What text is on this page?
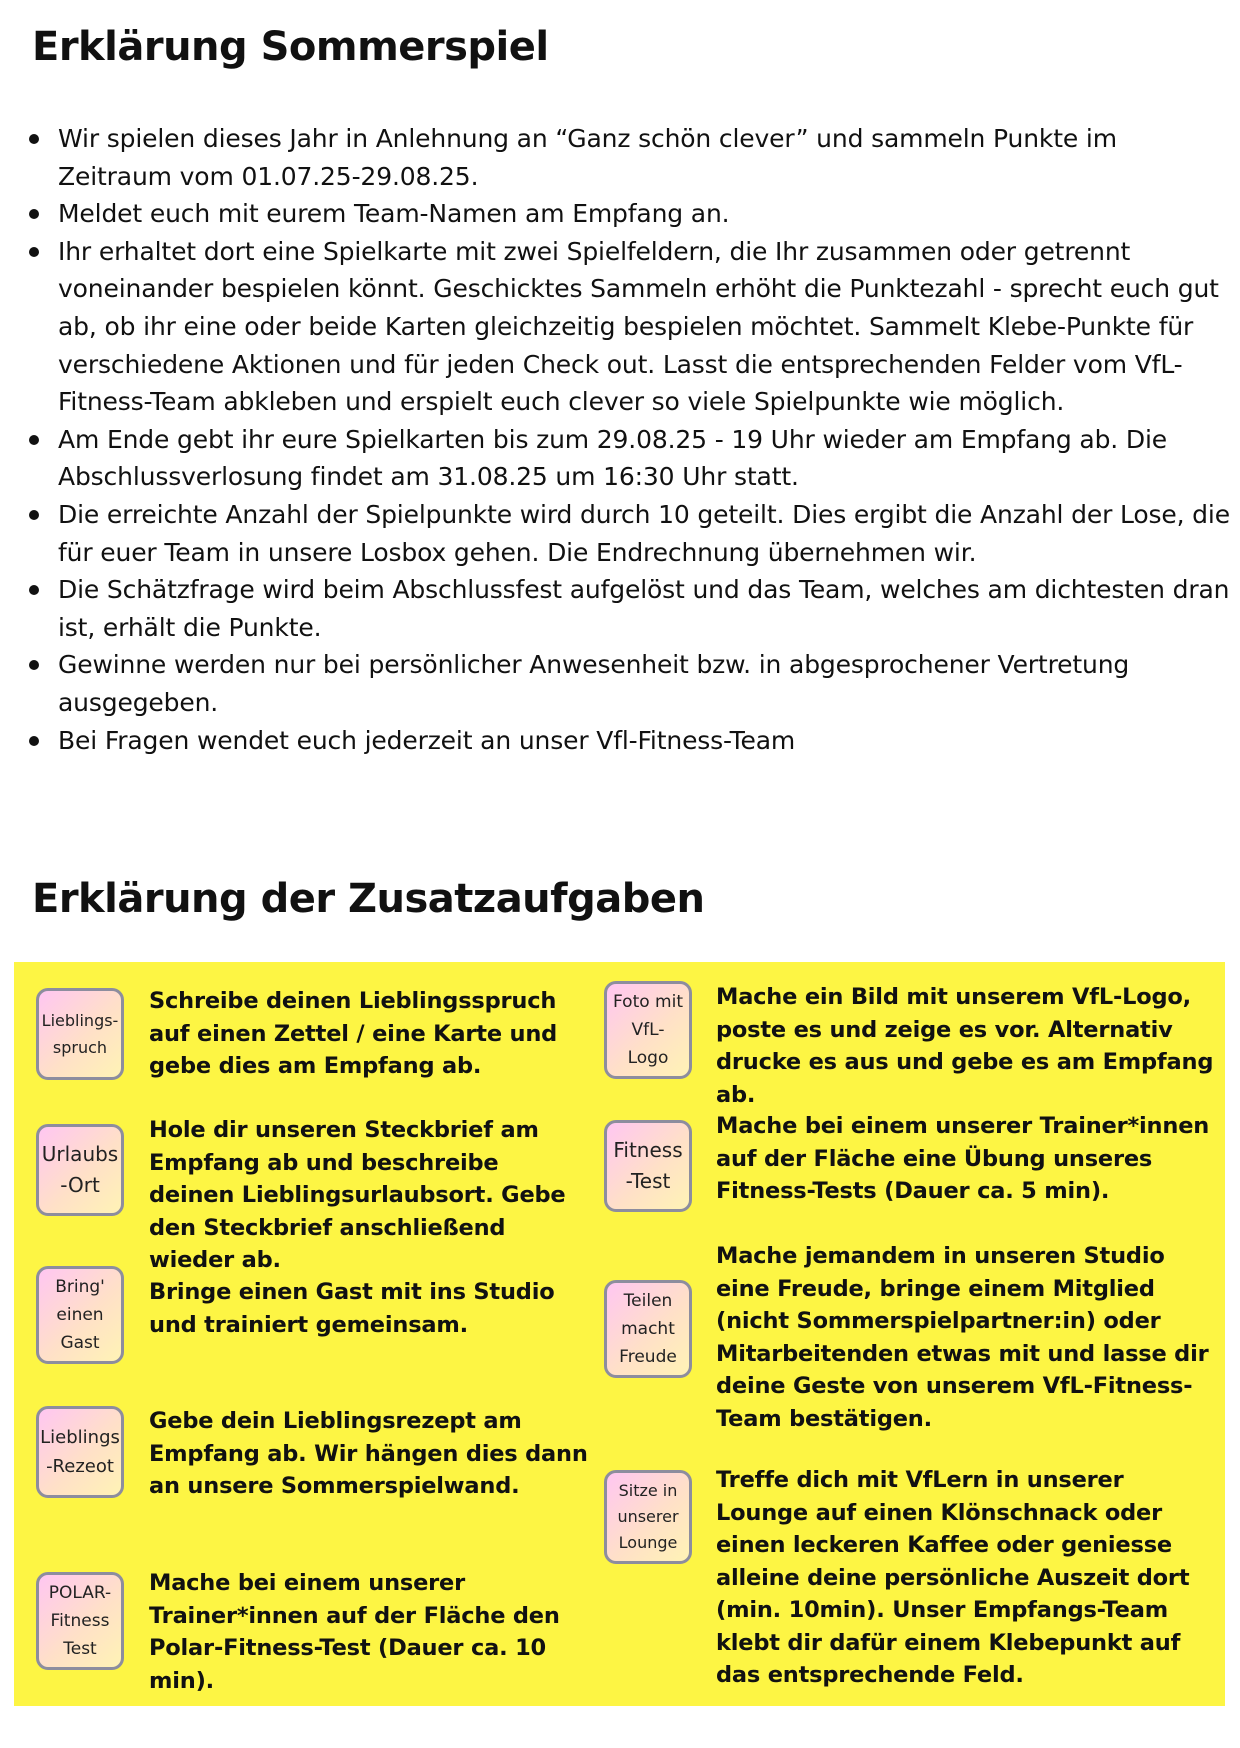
Erklärung Sommerspiel
Wir spielen dieses Jahr in Anlehnung an “Ganz schön clever” und sammeln Punkte im Zeitraum vom 01.07.25-29.08.25.
Meldet euch mit eurem Team-Namen am Empfang an.
Ihr erhaltet dort eine Spielkarte mit zwei Spielfeldern, die Ihr zusammen oder getrennt voneinander bespielen könnt. Geschicktes Sammeln erhöht die Punktezahl - sprecht euch gut ab, ob ihr eine oder beide Karten gleichzeitig bespielen möchtet. Sammelt Klebe-Punkte für verschiedene Aktionen und für jeden Check out. Lasst die entsprechenden Felder vom VfL-Fitness-Team abkleben und erspielt euch clever so viele Spielpunkte wie möglich.
Am Ende gebt ihr eure Spielkarten bis zum 29.08.25 - 19 Uhr wieder am Empfang ab. Die Abschlussverlosung findet am 31.08.25 um 16:30 Uhr statt.
Die erreichte Anzahl der Spielpunkte wird durch 10 geteilt. Dies ergibt die Anzahl der Lose, die für euer Team in unsere Losbox gehen. Die Endrechnung übernehmen wir.
Die Schätzfrage wird beim Abschlussfest aufgelöst und das Team, welches am dichtesten dran ist, erhält die Punkte.
Gewinne werden nur bei persönlicher Anwesenheit bzw. in abgesprochener Vertretung ausgegeben.
Bei Fragen wendet euch jederzeit an unser Vfl-Fitness-Team
Erklärung der Zusatzaufgaben
Lieblings-
spruch

Schreibe deinen Lieblingsspruch auf einen Zettel / eine Karte und gebe dies am Empfang ab.

Urlaubs
-Ort

Hole dir unseren Steckbrief am Empfang ab und beschreibe deinen Lieblingsurlaubsort. Gebe den Steckbrief anschließend wieder ab.

Bring'
einen
Gast

Bringe einen Gast mit ins Studio und trainiert gemeinsam.

Lieblings
-Rezeot

Gebe dein Lieblingsrezept am Empfang ab. Wir hängen dies dann an unsere Sommerspielwand.

POLAR-
Fitness
Test

Mache bei einem unserer Trainer*innen auf der Fläche den Polar-Fitness-Test (Dauer ca. 10 min).

Foto mit
VfL-
Logo

Mache ein Bild mit unserem VfL-Logo, poste es und zeige es vor. Alternativ drucke es aus und gebe es am Empfang ab.

Fitness
-Test

Mache bei einem unserer Trainer*innen auf der Fläche eine Übung unseres Fitness-Tests (Dauer ca. 5 min).

Teilen
macht
Freude

Mache jemandem in unseren Studio eine Freude, bringe einem Mitglied (nicht Sommerspielpartner:in) oder Mitarbeitenden etwas mit und lasse dir deine Geste von unserem VfL-Fitness-Team bestätigen.

Sitze in
unserer
Lounge

Treffe dich mit VfLern in unserer Lounge auf einen Klönschnack oder einen leckeren Kaffee oder geniesse alleine deine persönliche Auszeit dort (min. 10min). Unser Empfangs-Team klebt dir dafür einem Klebepunkt auf das entsprechende Feld.
